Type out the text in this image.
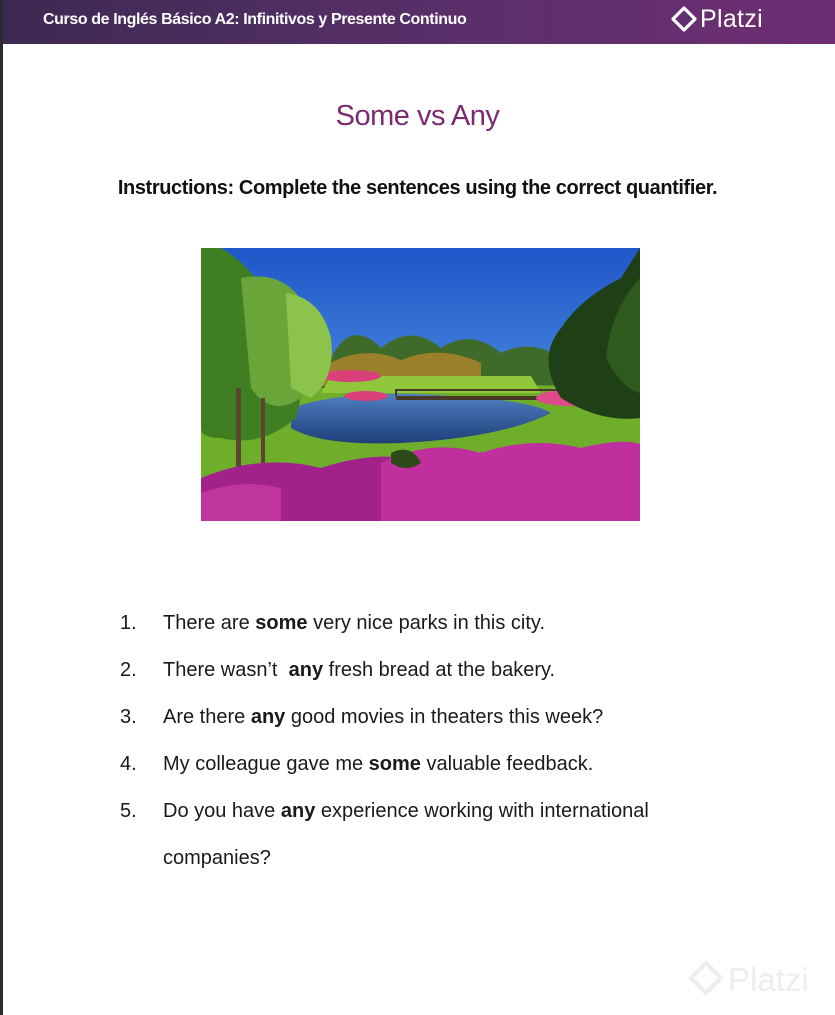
Curso de Inglés Básico A2: Infinitivos y Presente Continuo	Platzi
Some vs Any
Instructions: Complete the sentences using the correct quantifier.
1.	There are some very nice parks in this city.
2.	There wasn’t  any fresh bread at the bakery.
3.	Are there any good movies in theaters this week?
4.	My colleague gave me some valuable feedback.
5.	Do you have any experience working with international
companies?
Platzi
